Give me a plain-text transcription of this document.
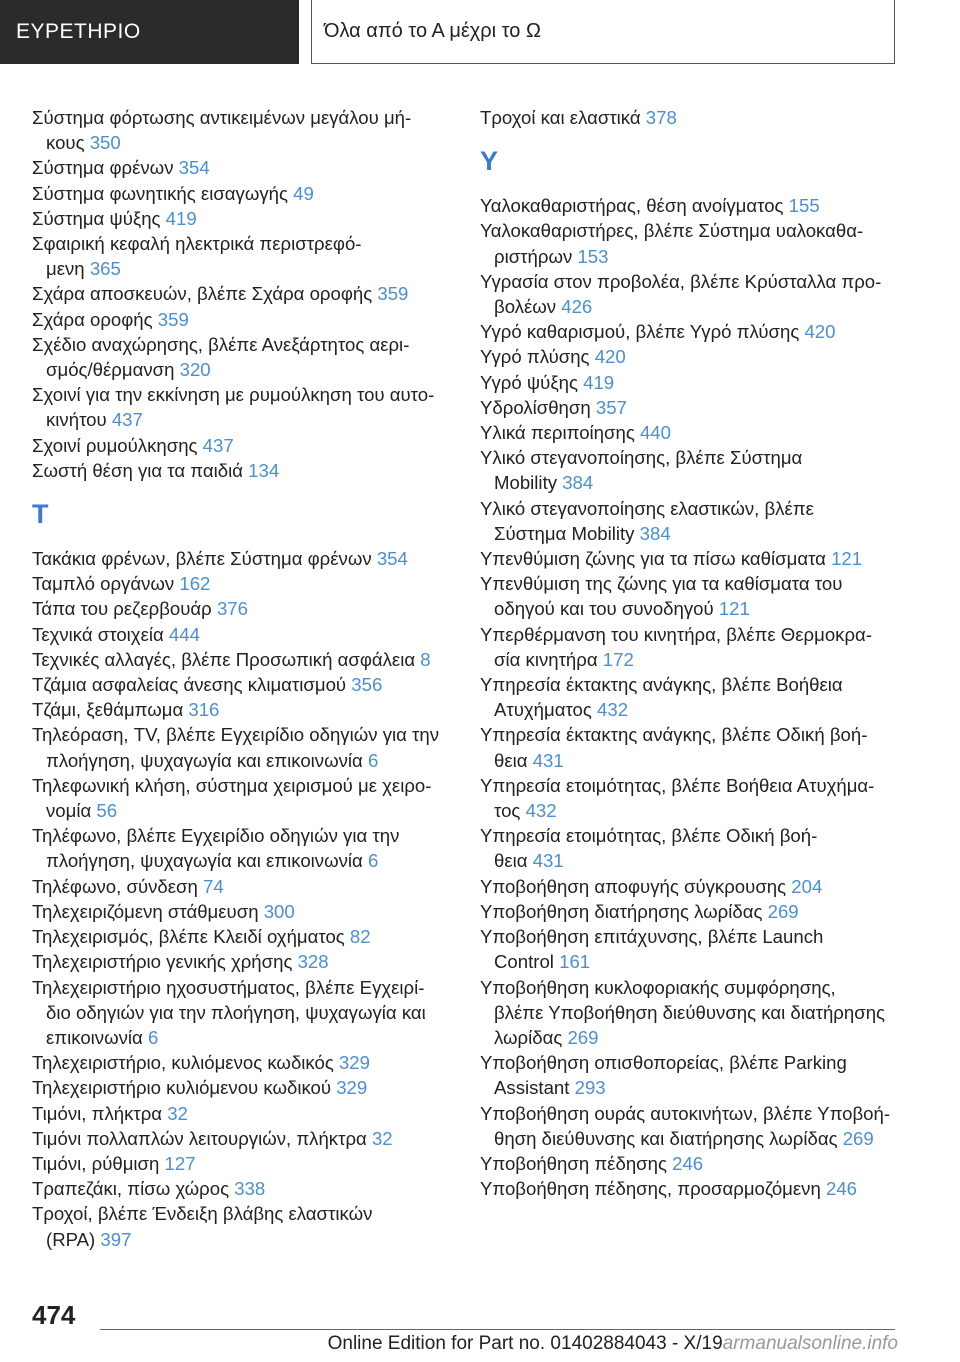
ΕΥΡΕΤΗΡΙΟ	Όλα από το Α μέχρι το Ω
Σύστημα φόρτωσης αντικειμένων μεγάλου μή-
κους 350
Σύστημα φρένων 354
Σύστημα φωνητικής εισαγωγής 49
Σύστημα ψύξης 419
Σφαιρική κεφαλή ηλεκτρικά περιστρεφό-
μενη 365
Σχάρα αποσκευών, βλέπε Σχάρα οροφής 359
Σχάρα οροφής 359
Σχέδιο αναχώρησης, βλέπε Ανεξάρτητος αερι-
σμός/θέρμανση 320
Σχοινί για την εκκίνηση με ρυμούλκηση του αυτο-
κινήτου 437
Σχοινί ρυμούλκησης 437
Σωστή θέση για τα παιδιά 134
Τ
Τακάκια φρένων, βλέπε Σύστημα φρένων 354
Ταμπλό οργάνων 162
Τάπα του ρεζερβουάρ 376
Τεχνικά στοιχεία 444
Τεχνικές αλλαγές, βλέπε Προσωπική ασφάλεια 8
Τζάμια ασφαλείας άνεσης κλιματισμού 356
Τζάμι, ξεθάμπωμα 316
Τηλεόραση, TV, βλέπε Εγχειρίδιο οδηγιών για την
πλοήγηση, ψυχαγωγία και επικοινωνία 6
Τηλεφωνική κλήση, σύστημα χειρισμού με χειρο-
νομία 56
Τηλέφωνο, βλέπε Εγχειρίδιο οδηγιών για την
πλοήγηση, ψυχαγωγία και επικοινωνία 6
Τηλέφωνο, σύνδεση 74
Τηλεχειριζόμενη στάθμευση 300
Τηλεχειρισμός, βλέπε Κλειδί οχήματος 82
Τηλεχειριστήριο γενικής χρήσης 328
Τηλεχειριστήριο ηχοσυστήματος, βλέπε Εγχειρί-
διο οδηγιών για την πλοήγηση, ψυχαγωγία και
επικοινωνία 6
Τηλεχειριστήριο, κυλιόμενος κωδικός 329
Τηλεχειριστήριο κυλιόμενου κωδικού 329
Τιμόνι, πλήκτρα 32
Τιμόνι πολλαπλών λειτουργιών, πλήκτρα 32
Τιμόνι, ρύθμιση 127
Τραπεζάκι, πίσω χώρος 338
Τροχοί, βλέπε Ένδειξη βλάβης ελαστικών
(RPA) 397
Τροχοί και ελαστικά 378
Υ
Υαλοκαθαριστήρας, θέση ανοίγματος 155
Υαλοκαθαριστήρες, βλέπε Σύστημα υαλοκαθα-
ριστήρων 153
Υγρασία στον προβολέα, βλέπε Κρύσταλλα προ-
βολέων 426
Υγρό καθαρισμού, βλέπε Υγρό πλύσης 420
Υγρό πλύσης 420
Υγρό ψύξης 419
Υδρολίσθηση 357
Υλικά περιποίησης 440
Υλικό στεγανοποίησης, βλέπε Σύστημα
Mobility 384
Υλικό στεγανοποίησης ελαστικών, βλέπε
Σύστημα Mobility 384
Υπενθύμιση ζώνης για τα πίσω καθίσματα 121
Υπενθύμιση της ζώνης για τα καθίσματα του
οδηγού και του συνοδηγού 121
Υπερθέρμανση του κινητήρα, βλέπε Θερμοκρα-
σία κινητήρα 172
Υπηρεσία έκτακτης ανάγκης, βλέπε Βοήθεια
Ατυχήματος 432
Υπηρεσία έκτακτης ανάγκης, βλέπε Οδική βοή-
θεια 431
Υπηρεσία ετοιμότητας, βλέπε Βοήθεια Ατυχήμα-
τος 432
Υπηρεσία ετοιμότητας, βλέπε Οδική βοή-
θεια 431
Υποβοήθηση αποφυγής σύγκρουσης 204
Υποβοήθηση διατήρησης λωρίδας 269
Υποβοήθηση επιτάχυνσης, βλέπε Launch
Control 161
Υποβοήθηση κυκλοφοριακής συμφόρησης,
βλέπε Υποβοήθηση διεύθυνσης και διατήρησης
λωρίδας 269
Υποβοήθηση οπισθοπορείας, βλέπε Parking
Assistant 293
Υποβοήθηση ουράς αυτοκινήτων, βλέπε Υποβοή-
θηση διεύθυνσης και διατήρησης λωρίδας 269
Υποβοήθηση πέδησης 246
Υποβοήθηση πέδησης, προσαρμοζόμενη 246
474
Online Edition for Part no. 01402884043 - X/19armanualsonline.info
